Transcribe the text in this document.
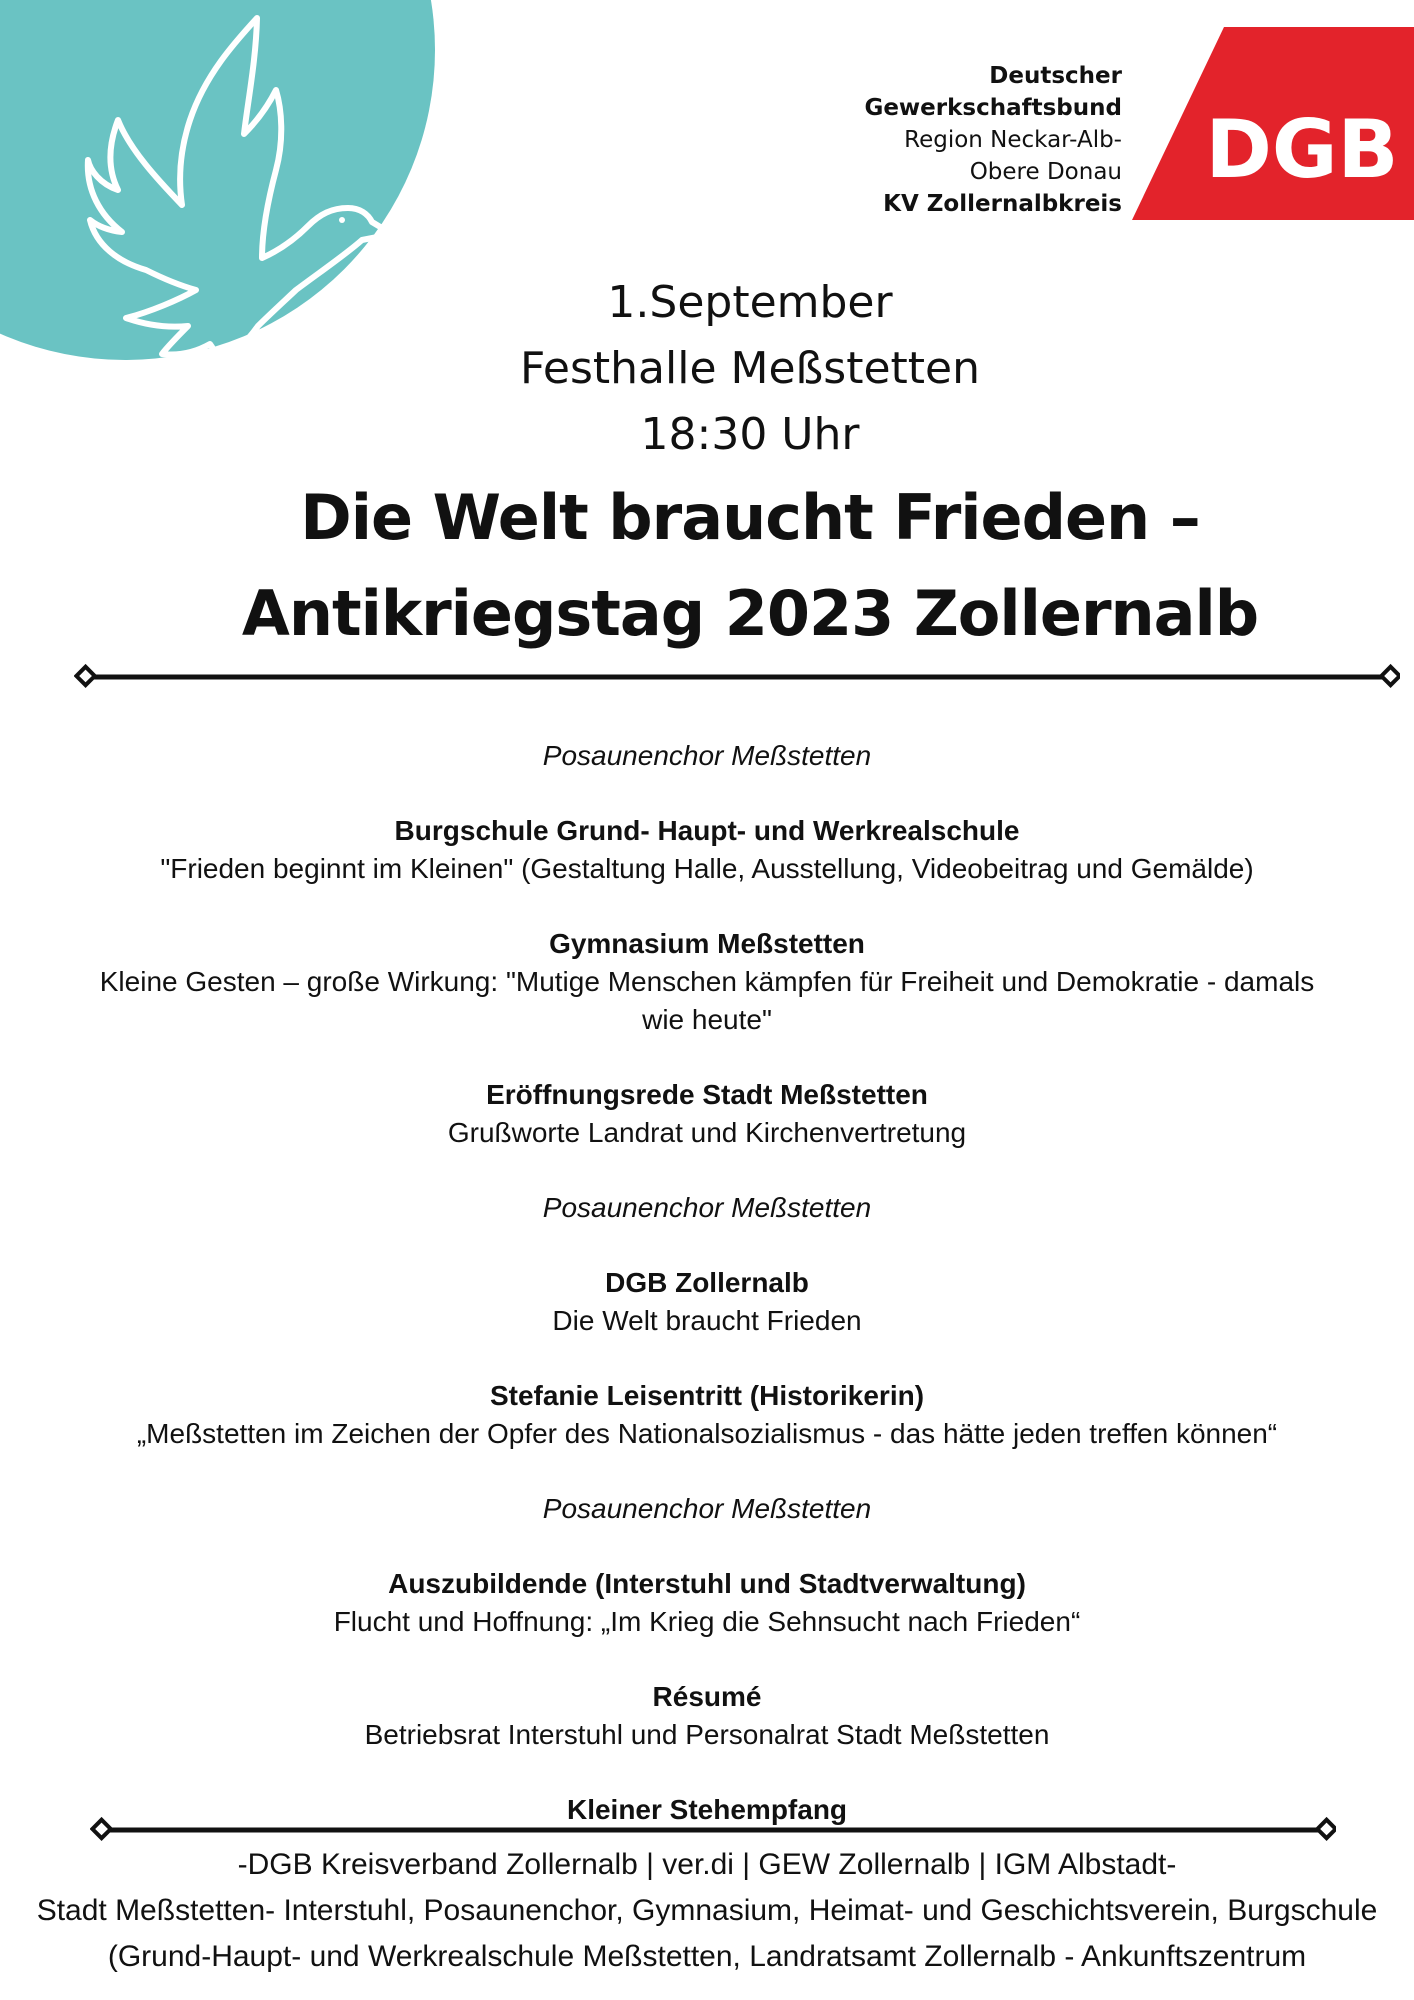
Deutscher
Gewerkschaftsbund
Region Neckar-Alb-
Obere Donau
KV Zollernalbkreis
DGB
1.September
Festhalle Meßstetten
18:30 Uhr
Die Welt braucht Frieden –
Antikriegstag 2023 Zollernalb
Posaunenchor Meßstetten
Burgschule Grund- Haupt- und Werkrealschule
"Frieden beginnt im Kleinen" (Gestaltung Halle, Ausstellung, Videobeitrag und Gemälde)
Gymnasium Meßstetten
Kleine Gesten – große Wirkung: "Mutige Menschen kämpfen für Freiheit und Demokratie - damals
wie heute"
Eröffnungsrede Stadt Meßstetten
Grußworte Landrat und Kirchenvertretung
Posaunenchor Meßstetten
DGB Zollernalb
Die Welt braucht Frieden
Stefanie Leisentritt (Historikerin)
„Meßstetten im Zeichen der Opfer des Nationalsozialismus - das hätte jeden treffen können“
Posaunenchor Meßstetten
Auszubildende (Interstuhl und Stadtverwaltung)
Flucht und Hoffnung: „Im Krieg die Sehnsucht nach Frieden“
Résumé
Betriebsrat Interstuhl und Personalrat Stadt Meßstetten
Kleiner Stehempfang
-DGB Kreisverband Zollernalb | ver.di | GEW Zollernalb | IGM Albstadt-
Stadt Meßstetten- Interstuhl, Posaunenchor, Gymnasium, Heimat- und Geschichtsverein, Burgschule
(Grund-Haupt- und Werkrealschule Meßstetten, Landratsamt Zollernalb - Ankunftszentrum
